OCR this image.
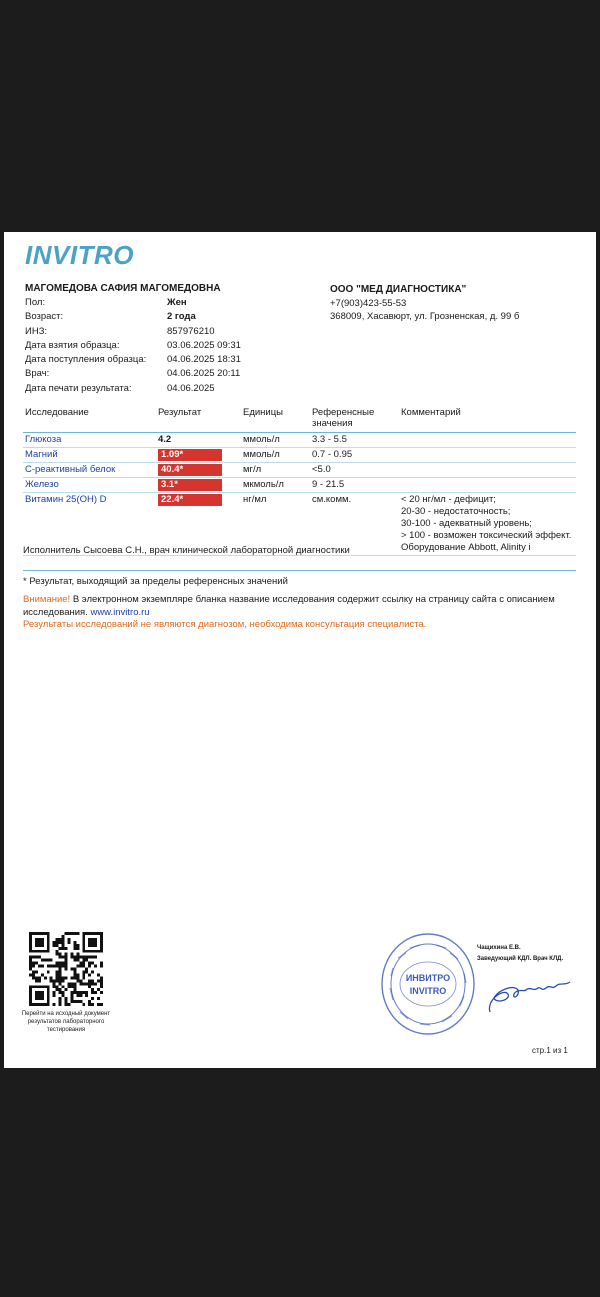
INVITRO
МАГОМЕДОВА САФИЯ МАГОМЕДОВНА
Пол:	Жен
Возраст:	2 года
ИНЗ:	857976210
Дата взятия образца:	03.06.2025 09:31
Дата поступления образца: 04.06.2025 18:31
Врач:	04.06.2025 20:11
Дата печати результата:	04.06.2025
ООО "МЕД ДИАГНОСТИКА"
+7(903)423-55-53
368009, Хасавюрт, ул. Грозненская, д. 99 б
Исследование	Результат	Единицы	Референсные
значения	Комментарий
Глюкоза	4.2	ммоль/л	3.3 - 5.5	
Магний	1.09*	ммоль/л	0.7 - 0.95	
С-реактивный белок	40.4*	мг/л	<5.0	
Железо	3.1*	мкмоль/л	9 - 21.5	
Витамин 25(OH) D	22.4*	нг/мл	см.комм.	< 20 нг/мл - дефицит;
20-30 - недостаточность;
30-100 - адекватный уровень;
> 100 - возможен токсический эффект.
Оборудование Abbott, Alinity i
Исполнитель Сысоева С.Н., врач клинической лабораторной диагностики
* Результат, выходящий за пределы референсных значений
Внимание! В электронном экземпляре бланка название исследования содержит ссылку на страницу сайта с описанием исследования. www.invitro.ru
Результаты исследований не являются диагнозом, необходима консультация специалиста.
Перейти на исходный документ результатов лабораторного тестирования
ИНВИТРО
INVITRO
Чащихина Е.В.
Заведующий КДЛ. Врач КЛД.
стр.1 из 1
